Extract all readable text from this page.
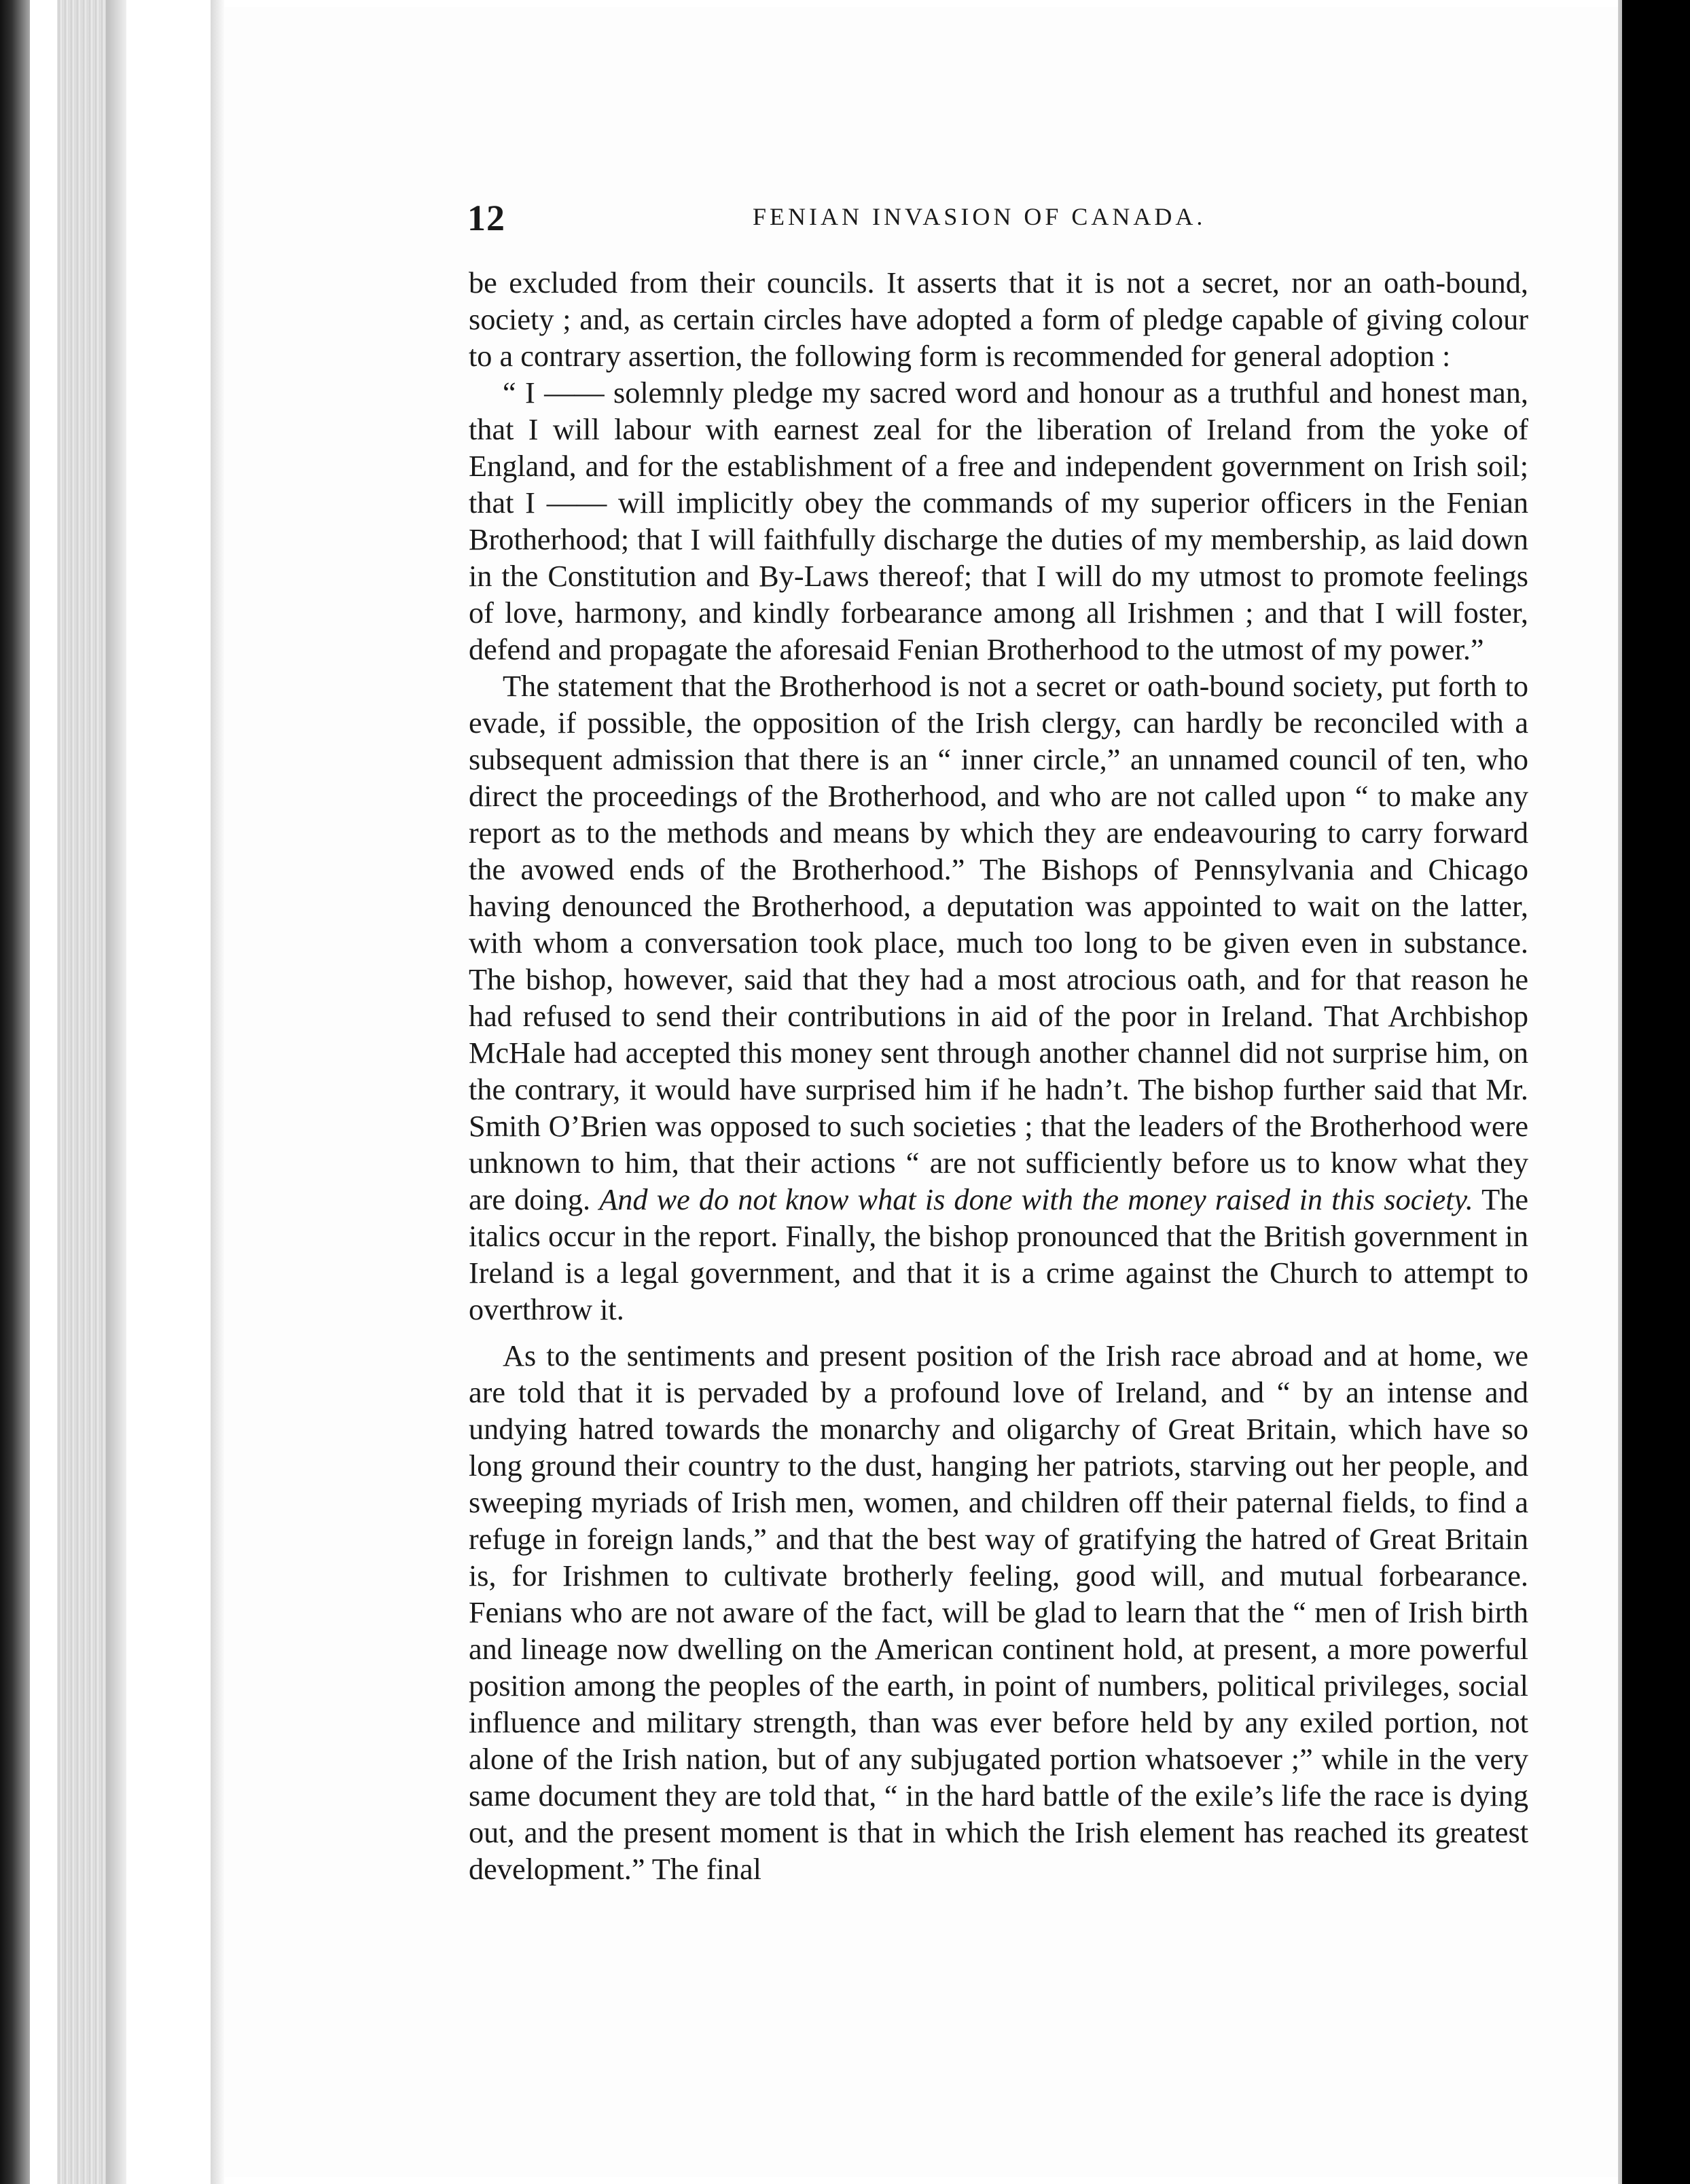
12	FENIAN INVASION OF CANADA.

be excluded from their councils. It asserts that it is not a secret, nor an oath-bound, society ; and, as certain circles have adopted a form of pledge capable of giving colour to a contrary assertion, the following form is recommended for general adoption :

“ I —— solemnly pledge my sacred word and honour as a truthful and honest man, that I will labour with earnest zeal for the liberation of Ireland from the yoke of England, and for the establishment of a free and independent government on Irish soil; that I —— will implicitly obey the commands of my superior officers in the Fenian Brotherhood; that I will faithfully discharge the duties of my membership, as laid down in the Constitution and By-Laws thereof; that I will do my utmost to promote feelings of love, harmony, and kindly forbearance among all Irishmen ; and that I will foster, defend and propagate the aforesaid Fenian Brotherhood to the utmost of my power.”

The statement that the Brotherhood is not a secret or oath-bound society, put forth to evade, if possible, the opposition of the Irish clergy, can hardly be reconciled with a subsequent admission that there is an “ inner circle,” an unnamed council of ten, who direct the proceedings of the Brotherhood, and who are not called upon “ to make any report as to the methods and means by which they are endeavouring to carry forward the avowed ends of the Brotherhood.” The Bishops of Pennsylvania and Chicago having denounced the Brotherhood, a deputation was appointed to wait on the latter, with whom a conversation took place, much too long to be given even in substance. The bishop, however, said that they had a most atrocious oath, and for that reason he had refused to send their contributions in aid of the poor in Ireland. That Archbishop McHale had accepted this money sent through another channel did not surprise him, on the contrary, it would have surprised him if he hadn’t. The bishop further said that Mr. Smith O’Brien was opposed to such societies ; that the leaders of the Brotherhood were unknown to him, that their actions “ are not sufficiently before us to know what they are doing. And we do not know what is done with the money raised in this society. The italics occur in the report. Finally, the bishop pronounced that the British government in Ireland is a legal government, and that it is a crime against the Church to attempt to overthrow it.

As to the sentiments and present position of the Irish race abroad and at home, we are told that it is pervaded by a profound love of Ireland, and “ by an intense and undying hatred towards the monarchy and oligarchy of Great Britain, which have so long ground their country to the dust, hanging her patriots, starving out her people, and sweeping myriads of Irish men, women, and children off their paternal fields, to find a refuge in foreign lands,” and that the best way of gratifying the hatred of Great Britain is, for Irishmen to cultivate brotherly feeling, good will, and mutual forbearance. Fenians who are not aware of the fact, will be glad to learn that the “ men of Irish birth and lineage now dwelling on the American continent hold, at present, a more powerful position among the peoples of the earth, in point of numbers, political privileges, social influence and military strength, than was ever before held by any exiled portion, not alone of the Irish nation, but of any subjugated portion whatsoever ;” while in the very same document they are told that, “ in the hard battle of the exile’s life the race is dying out, and the present moment is that in which the Irish element has reached its greatest development.” The final
